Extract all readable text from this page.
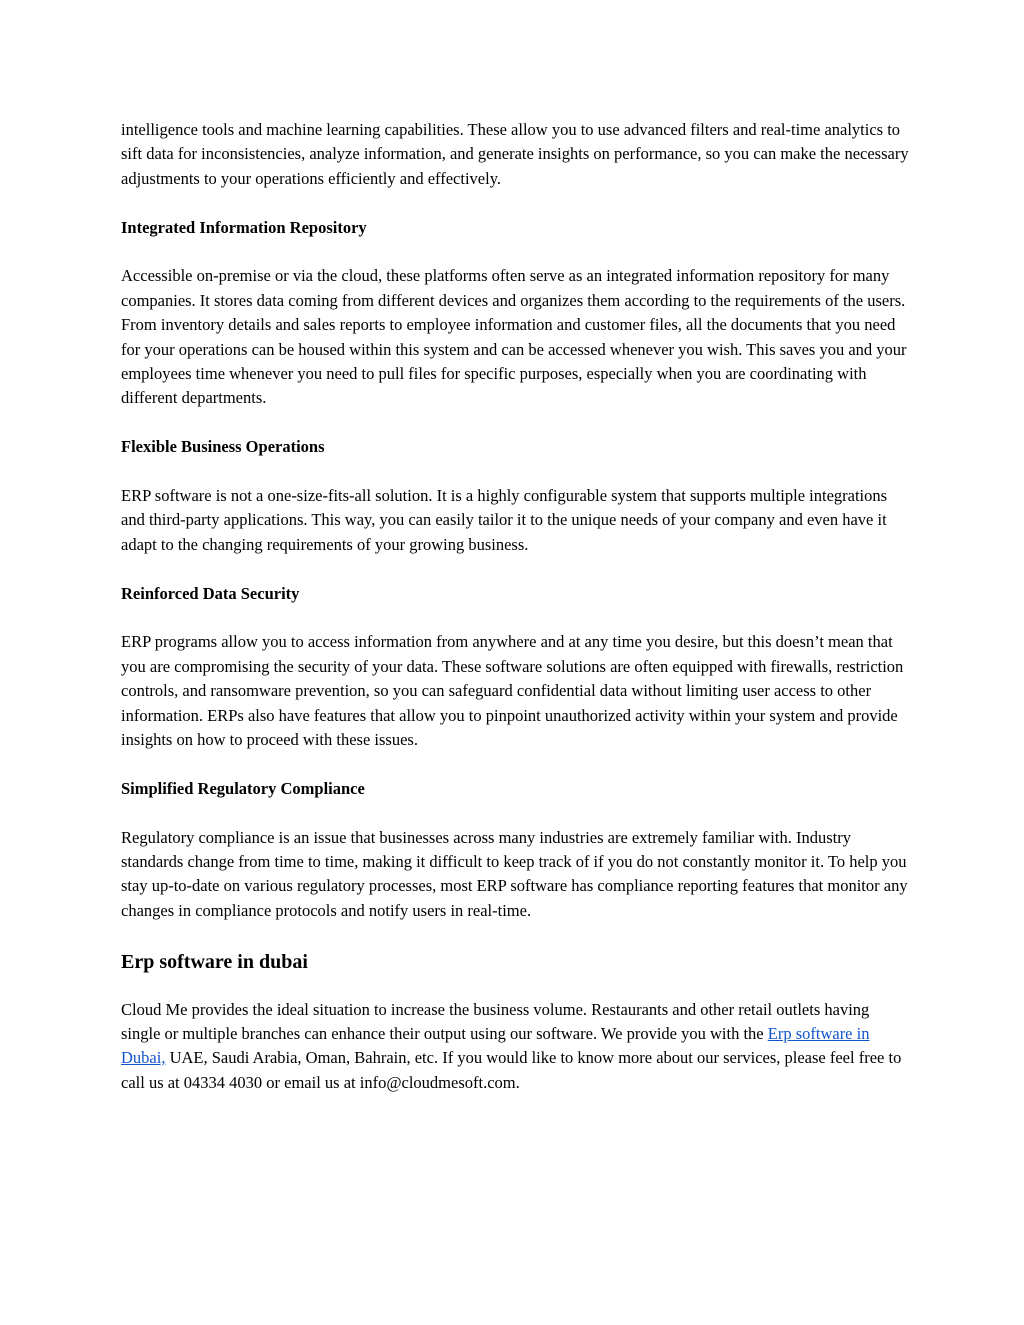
intelligence tools and machine learning capabilities. These allow you to use advanced filters and real-time analytics to sift data for inconsistencies, analyze information, and generate insights on performance, so you can make the necessary adjustments to your operations efficiently and effectively.

Integrated Information Repository

Accessible on-premise or via the cloud, these platforms often serve as an integrated information repository for many companies. It stores data coming from different devices and organizes them according to the requirements of the users. From inventory details and sales reports to employee information and customer files, all the documents that you need for your operations can be housed within this system and can be accessed whenever you wish. This saves you and your employees time whenever you need to pull files for specific purposes, especially when you are coordinating with different departments.

Flexible Business Operations

ERP software is not a one-size-fits-all solution. It is a highly configurable system that supports multiple integrations and third-party applications. This way, you can easily tailor it to the unique needs of your company and even have it adapt to the changing requirements of your growing business.

Reinforced Data Security

ERP programs allow you to access information from anywhere and at any time you desire, but this doesn’t mean that you are compromising the security of your data. These software solutions are often equipped with firewalls, restriction controls, and ransomware prevention, so you can safeguard confidential data without limiting user access to other information. ERPs also have features that allow you to pinpoint unauthorized activity within your system and provide insights on how to proceed with these issues.

Simplified Regulatory Compliance

Regulatory compliance is an issue that businesses across many industries are extremely familiar with. Industry standards change from time to time, making it difficult to keep track of if you do not constantly monitor it. To help you stay up-to-date on various regulatory processes, most ERP software has compliance reporting features that monitor any changes in compliance protocols and notify users in real-time.

Erp software in dubai

Cloud Me provides the ideal situation to increase the business volume. Restaurants and other retail outlets having single or multiple branches can enhance their output using our software. We provide you with the Erp software in Dubai, UAE, Saudi Arabia, Oman, Bahrain, etc. If you would like to know more about our services, please feel free to call us at 04334 4030 or email us at info@cloudmesoft.com.
